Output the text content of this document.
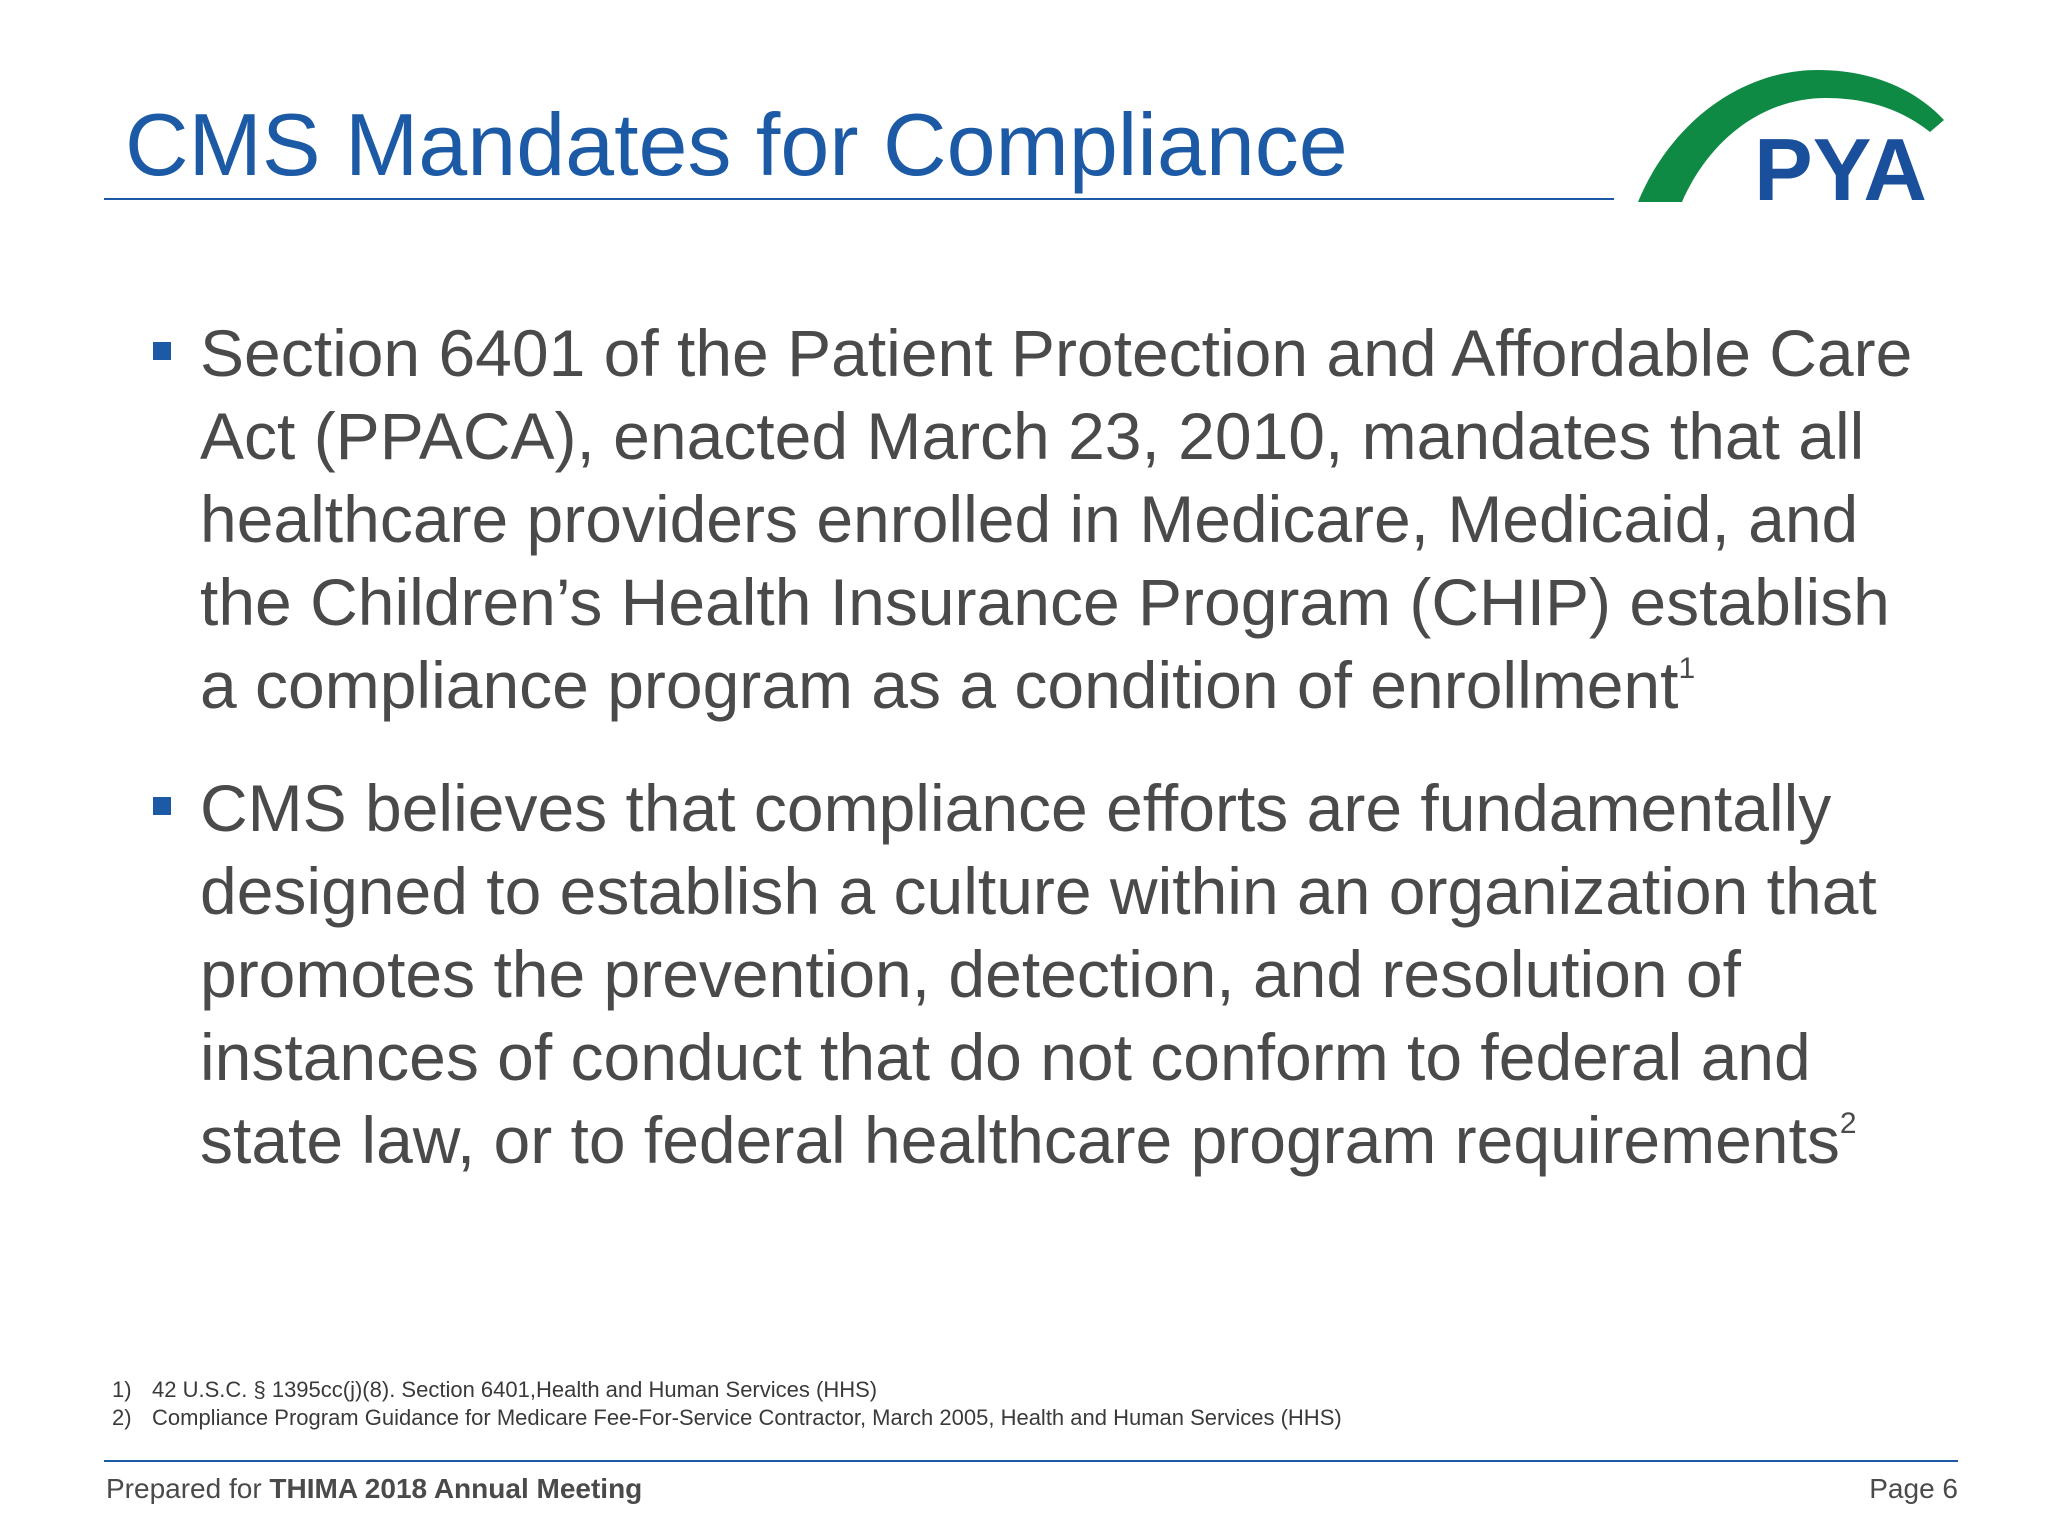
CMS Mandates for Compliance	PYA
Section 6401 of the Patient Protection and Affordable Care Act (PPACA), enacted March 23, 2010, mandates that all healthcare providers enrolled in Medicare, Medicaid, and the Children’s Health Insurance Program (CHIP) establish a compliance program as a condition of enrollment$^1$
CMS believes that compliance efforts are fundamentally designed to establish a culture within an organization that promotes the prevention, detection, and resolution of instances of conduct that do not conform to federal and state law, or to federal healthcare program requirements$^2$
1) 42 U.S.C. § 1395cc(j)(8). Section 6401,Health and Human Services (HHS)
2) Compliance Program Guidance for Medicare Fee-For-Service Contractor, March 2005, Health and Human Services (HHS)
Prepared for THIMA 2018 Annual Meeting	Page 6
